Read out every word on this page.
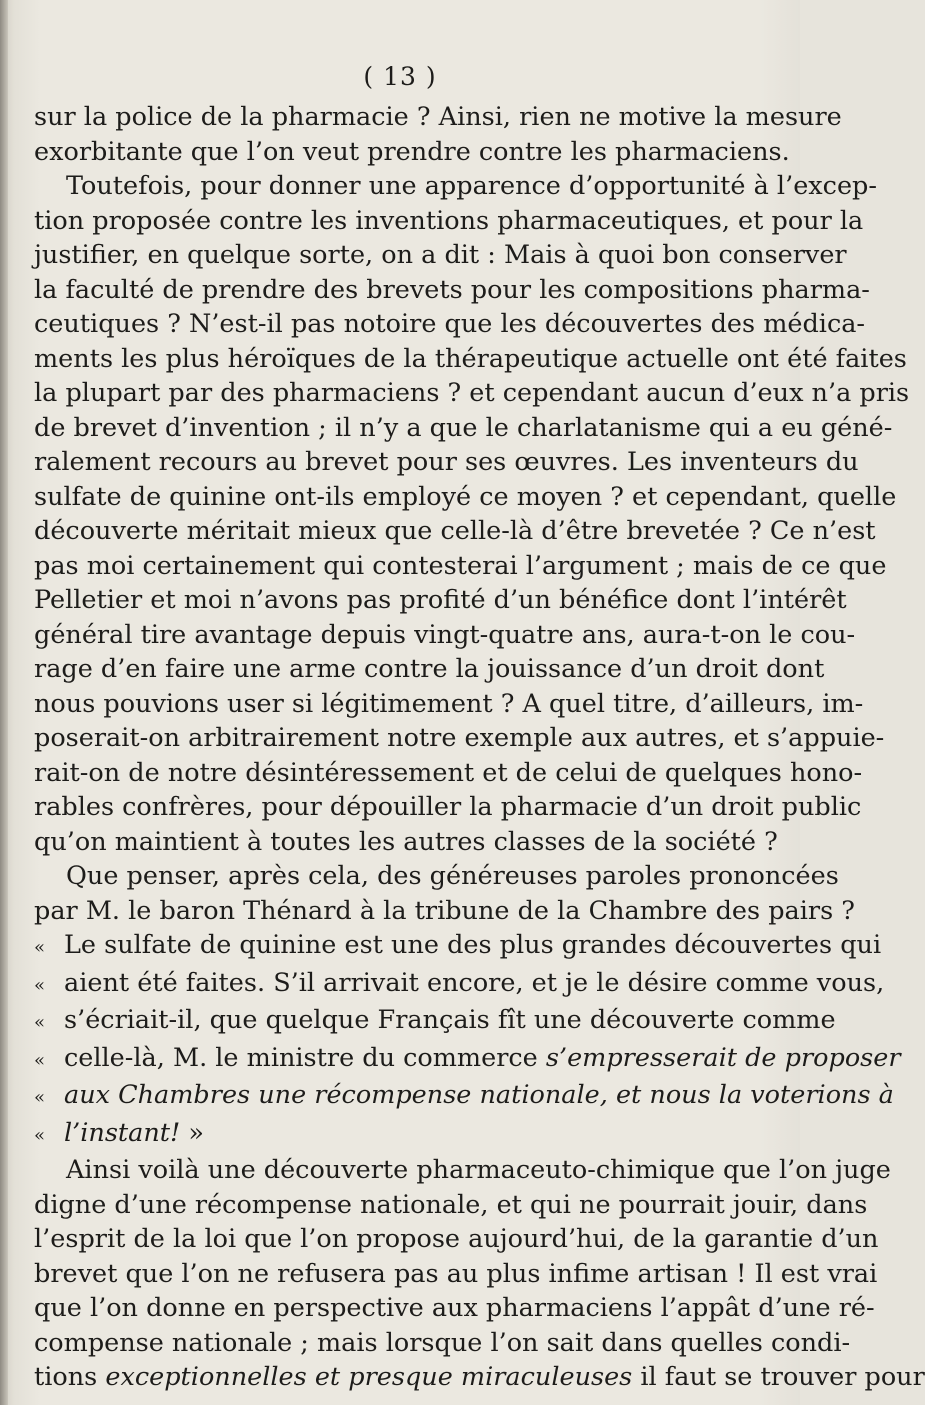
( 13 )
sur la police de la pharmacie ? Ainsi, rien ne motive la mesure
exorbitante que l’on veut prendre contre les pharmaciens.
Toutefois, pour donner une apparence d’opportunité à l’excep-
tion proposée contre les inventions pharmaceutiques, et pour la
justifier, en quelque sorte, on a dit : Mais à quoi bon conserver
la faculté de prendre des brevets pour les compositions pharma-
ceutiques ? N’est-il pas notoire que les découvertes des médica-
ments les plus héroïques de la thérapeutique actuelle ont été faites
la plupart par des pharmaciens ? et cependant aucun d’eux n’a pris
de brevet d’invention ; il n’y a que le charlatanisme qui a eu géné-
ralement recours au brevet pour ses œuvres. Les inventeurs du
sulfate de quinine ont-ils employé ce moyen ? et cependant, quelle
découverte méritait mieux que celle-là d’être brevetée ? Ce n’est
pas moi certainement qui contesterai l’argument ; mais de ce que
Pelletier et moi n’avons pas profité d’un bénéfice dont l’intérêt
général tire avantage depuis vingt-quatre ans, aura-t-on le cou-
rage d’en faire une arme contre la jouissance d’un droit dont
nous pouvions user si légitimement ? A quel titre, d’ailleurs, im-
poserait-on arbitrairement notre exemple aux autres, et s’appuie-
rait-on de notre désintéressement et de celui de quelques hono-
rables confrères, pour dépouiller la pharmacie d’un droit public
qu’on maintient à toutes les autres classes de la société ?
Que penser, après cela, des généreuses paroles prononcées
par M. le baron Thénard à la tribune de la Chambre des pairs ?
« Le sulfate de quinine est une des plus grandes découvertes qui
« aient été faites. S’il arrivait encore, et je le désire comme vous,
« s’écriait-il, que quelque Français fît une découverte comme
« celle-là, M. le ministre du commerce s’empresserait de proposer
« aux Chambres une récompense nationale, et nous la voterions à
« l’instant! »
Ainsi voilà une découverte pharmaceuto-chimique que l’on juge
digne d’une récompense nationale, et qui ne pourrait jouir, dans
l’esprit de la loi que l’on propose aujourd’hui, de la garantie d’un
brevet que l’on ne refusera pas au plus infime artisan ! Il est vrai
que l’on donne en perspective aux pharmaciens l’appât d’une ré-
compense nationale ; mais lorsque l’on sait dans quelles condi-
tions exceptionnelles et presque miraculeuses il faut se trouver pour
